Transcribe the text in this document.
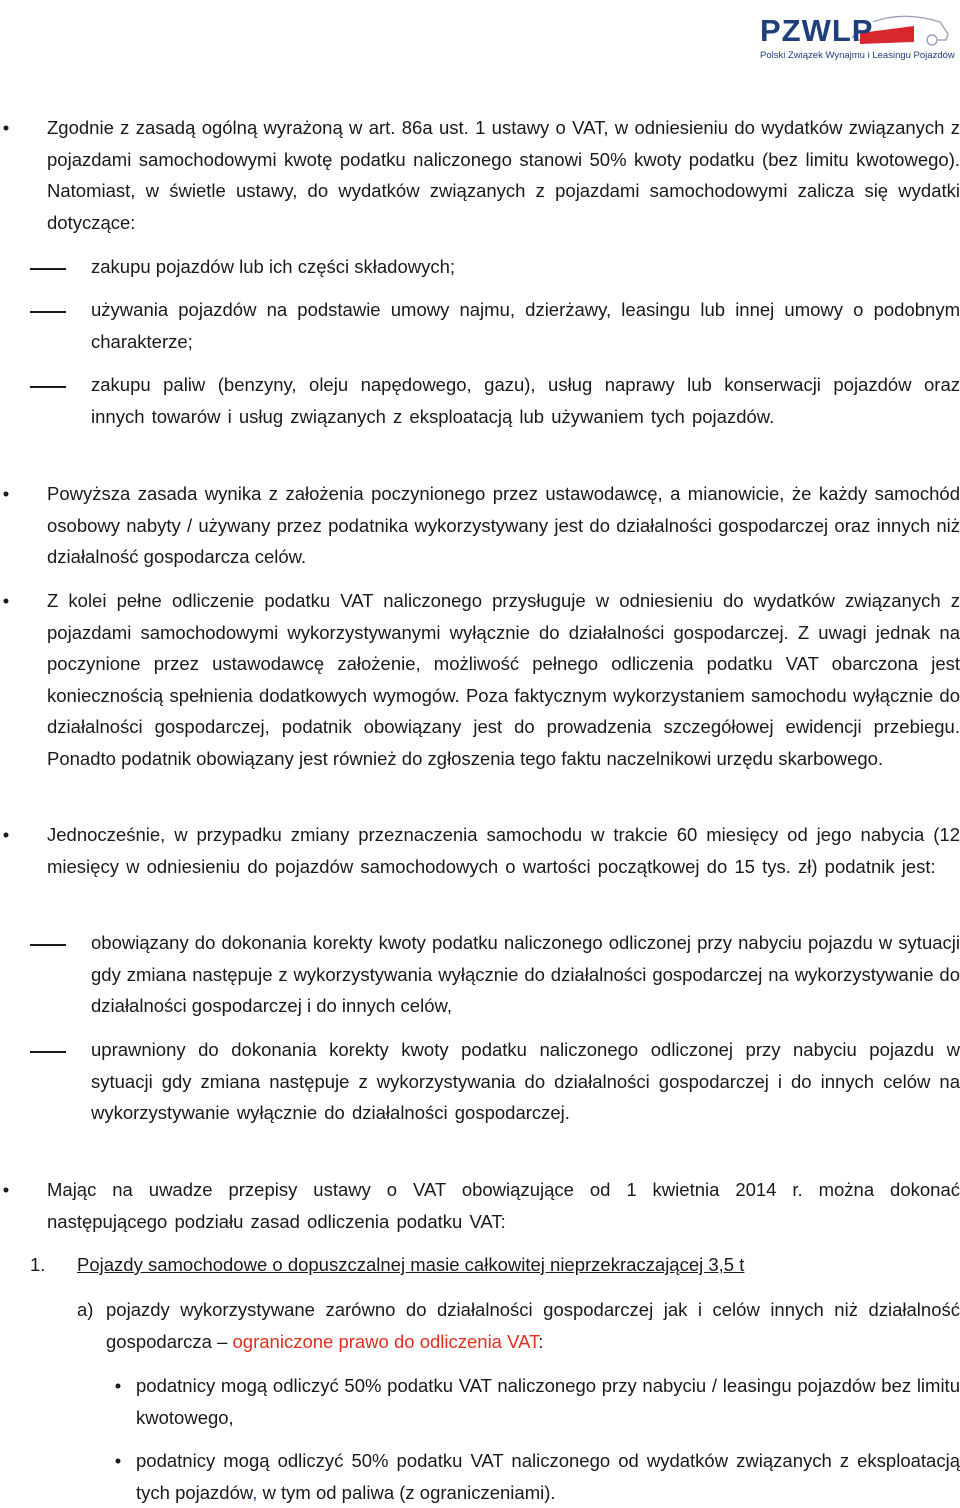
PZWLP
Polski Związek Wynajmu i Leasingu Pojazdów
• Zgodnie z zasadą ogólną wyrażoną w art. 86a ust. 1 ustawy o VAT, w odniesieniu do wydatków związanych z pojazdami samochodowymi kwotę podatku naliczonego stanowi 50% kwoty podatku (bez limitu kwotowego). Natomiast, w świetle ustawy, do wydatków związanych z pojazdami samochodowymi zalicza się wydatki dotyczące:

zakupu pojazdów lub ich części składowych;

używania pojazdów na podstawie umowy najmu, dzierżawy, leasingu lub innej umowy o podobnym charakterze;

zakupu paliw (benzyny, oleju napędowego, gazu), usług naprawy lub konserwacji pojazdów oraz innych towarów i usług związanych z eksploatacją lub używaniem tych pojazdów.

• Powyższa zasada wynika z założenia poczynionego przez ustawodawcę, a mianowicie, że każdy samochód osobowy nabyty / używany przez podatnika wykorzystywany jest do działalności gospodarczej oraz innych niż działalność gospodarcza celów.

• Z kolei pełne odliczenie podatku VAT naliczonego przysługuje w odniesieniu do wydatków związanych z pojazdami samochodowymi wykorzystywanymi wyłącznie do działalności gospodarczej. Z uwagi jednak na poczynione przez ustawodawcę założenie, możliwość pełnego odliczenia podatku VAT obarczona jest koniecznością spełnienia dodatkowych wymogów. Poza faktycznym wykorzystaniem samochodu wyłącznie do działalności gospodarczej, podatnik obowiązany jest do prowadzenia szczegółowej ewidencji przebiegu. Ponadto podatnik obowiązany jest również do zgłoszenia tego faktu naczelnikowi urzędu skarbowego.

• Jednocześnie, w przypadku zmiany przeznaczenia samochodu w trakcie 60 miesięcy od jego nabycia (12 miesięcy w odniesieniu do pojazdów samochodowych o wartości początkowej do 15 tys. zł) podatnik jest:

obowiązany do dokonania korekty kwoty podatku naliczonego odliczonej przy nabyciu pojazdu w sytuacji gdy zmiana następuje z wykorzystywania wyłącznie do działalności gospodarczej na wykorzystywanie do działalności gospodarczej i do innych celów,

uprawniony do dokonania korekty kwoty podatku naliczonego odliczonej przy nabyciu pojazdu w sytuacji gdy zmiana następuje z wykorzystywania do działalności gospodarczej i do innych celów na wykorzystywanie wyłącznie do działalności gospodarczej.

• Mając na uwadze przepisy ustawy o VAT obowiązujące od 1 kwietnia 2014 r. można dokonać następującego podziału zasad odliczenia podatku VAT:

1. Pojazdy samochodowe o dopuszczalnej masie całkowitej nieprzekraczającej 3,5 t
a) pojazdy wykorzystywane zarówno do działalności gospodarczej jak i celów innych niż działalność gospodarcza – ograniczone prawo do odliczenia VAT:

• podatnicy mogą odliczyć 50% podatku VAT naliczonego przy nabyciu / leasingu pojazdów bez limitu kwotowego,

• podatnicy mogą odliczyć 50% podatku VAT naliczonego od wydatków związanych z eksploatacją tych pojazdów, w tym od paliwa (z ograniczeniami).
